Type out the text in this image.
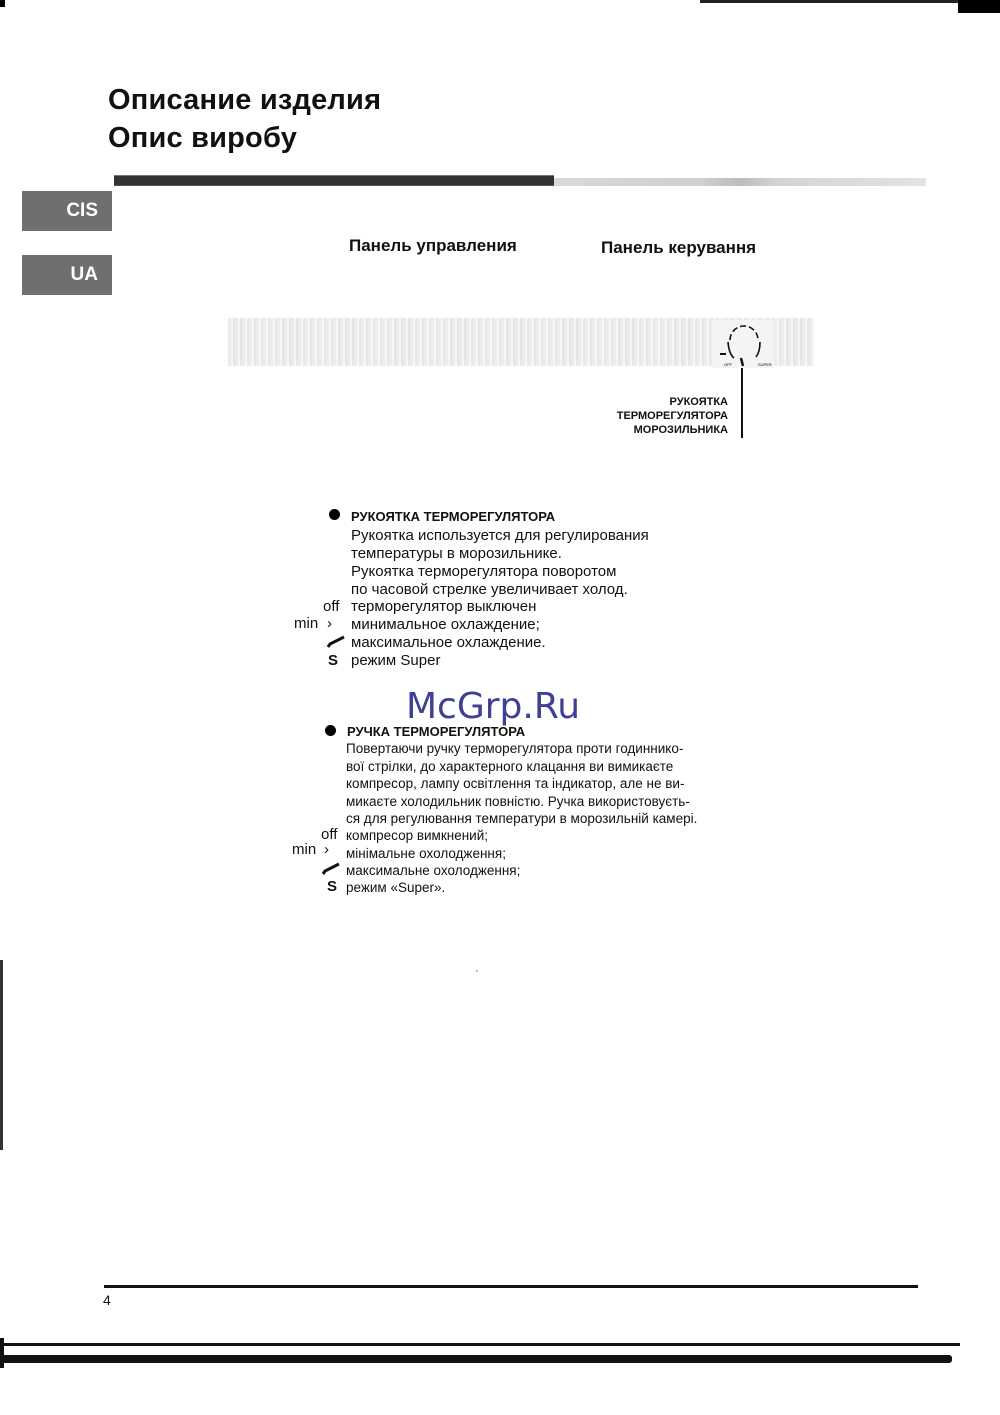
Описание изделия
Опис виробу
CIS
UA
Панель управления	Панель керування
OFF	SUPER
РУКОЯТКА
ТЕРМОРЕГУЛЯТОРА
МОРОЗИЛЬНИКА
РУКОЯТКА ТЕРМОРЕГУЛЯТОРА
Рукоятка используется для регулирования
температуры в морозильнике.
Рукоятка терморегулятора поворотом
по часовой стрелке увеличивает холод.
off терморегулятор выключен
min › минимальное охлаждение;
максимальное охлаждение.
S режим Super
McGrp.Ru
РУЧКА ТЕРМОРЕГУЛЯТОРА
Повертаючи ручку терморегулятора проти годиннико-
вої стрілки, до характерного клацання ви вимикаєте
компресор, лампу освітлення та індикатор, але не ви-
микаєте холодильник повністю. Ручка використовуєть-
ся для регулювання температури в морозильній камері.
off компресор вимкнений;
min › мінімальне охолодження;
максимальне охолодження;
S режим «Super».
4
